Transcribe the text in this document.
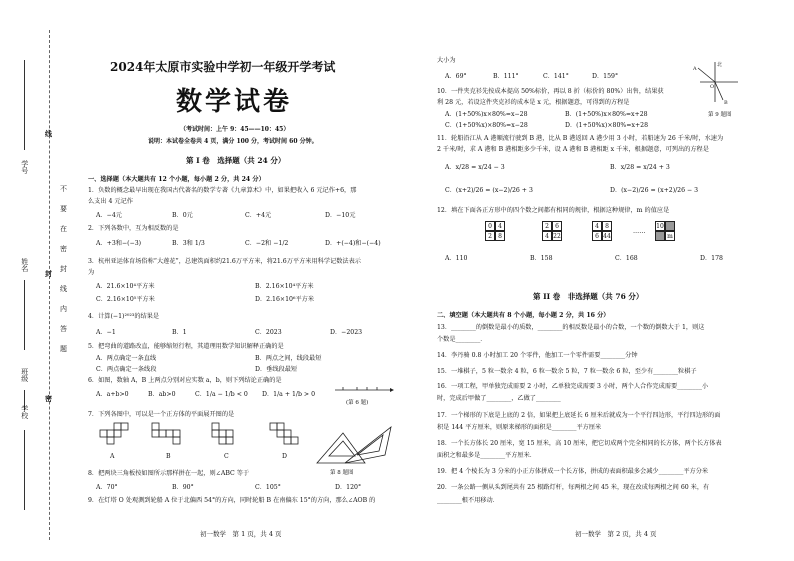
学号
姓名
班级
学校
线
封
密
不
要
在
密
封
线
内
答
题
2024年太原市实验中学初一年级开学考试
数学试卷
（考试时间：上午 9：45——10：45）
说明：本试卷全卷共 4 页，满分 100 分，考试时间 60 分钟。
第 I 卷　选择题（共 24 分）
一、选择题（本大题共有 12 个小题，每小题 2 分，共 24 分）
1．负数的概念最早出现在我国古代著名的数学专著《九章算术》中，如果把收入 6 元记作+6，那
么支出 4 元记作
A．−4元	B．0元	C．+4元	D．−10元
2．下列各数中，互为相反数的是
A．+3和−(−3)	B．3和 1/3	C．−2和 −1/2	D．+(−4)和−(−4)
3．杭州亚运体育场俗称“大莲花”，总建筑面积约21.6万平方米，将21.6万平方米用科学记数法表示
为
A．21.6×10⁴平方米	B．2.16×10⁴平方米
C．2.16×10⁵平方米	D．2.16×10⁶平方米
4．计算(−1)²⁰²³的结果是
A．−1	B．1	C．2023	D．−2023
5．把弯曲的道路改直，能够缩短行程，其道理用数学知识解释正确的是
A．两点确定一条直线	B．两点之间，线段最短
C．两点确定一条线段	D．垂线段最短
6．如图，数轴 A，B 上两点分别对应实数 a，b，则下列结论正确的是
A．a+b>0	B．ab>0	C．1/a − 1/b < 0 D．1/a + 1/b > 0
(第 6 题)
7．下列各图中，可以是一个正方体的平面展开图的是
A	B	C	D
第 8 题图
8．把两块三角板按如图所示那样拼在一起，则∠ABC 等于
A．70°	B．90°	C．105°	D．120°
9．在灯塔 O 处观测到轮船 A 位于北偏西 54°的方向，同时轮船 B 在南偏东 15°的方向，那么∠AOB 的
初一数学　第 1 页，共 4 页
大小为
A．69°	B．111°	C．141°	D．159°
北
A
O
B
第 9 题图
10．一件夹克衫先按成本提高 50%标价，再以 8 折（标价的 80%）出售，结果获
利 28 元，若设这件夹克衫的成本是 x 元，根据题意，可得到的方程是
A．(1+50%)x×80%=x−28	B．(1+50%)x×80%=x+28
C．(1+50%x)×80%=x−28	D．(1+50%x)×80%=x+28
11．轮船沿江从 A 港顺流行驶到 B 港，比从 B 港返回 A 港少用 3 小时，若船速为 26 千米/时，水速为
2 千米/时，求 A 港和 B 港相距多少千米，设 A 港和 B 港相距 x 千米，根据题意，可列出的方程是
A．x/28 = x/24 − 3	B．x/28 = x/24 + 3
C．(x+2)/26 = (x−2)/26 + 3	D．(x−2)/26 = (x+2)/26 − 3
12．填在下面各正方形中的四个数之间都有相同的规律，根据这种规律，m 的值应是
0	4
2	8
2	6
4 22
4	8
6 44
……
10
m
A．110	B．158	C．168	D．178
第 II 卷　非选择题（共 76 分）
二、填空题（本大题共有 8 个小题，每小题 2 分，共 16 分）
13．________的倒数是最小的质数，________的相反数是最小的合数，一个数的倒数大于 1，则这
个数是________．
14．李丹骑 0.8 小时加工 20 个零件，他加工一个零件需要________分钟
15．一堆棋子，5 粒一数余 4 粒，6 粒一数余 5 粒，7 粒一数余 6 粒，至少有________粒棋子
16．一项工程，甲单独完成需要 2 小时，乙单独完成需要 3 小时，两个人合作完成需要________小
时，完成后甲做了________，乙做了________
17．一个梯形的下底是上底的 2 倍，如果把上底延长 6 厘米后就成为一个平行四边形，平行四边形的面
积是 144 平方厘米，则原来梯形的面积是________平方厘米
18．一个长方体长 20 厘米，宽 15 厘米，高 10 厘米，把它切成两个完全相同的长方体，两个长方体表
面积之和最多是________平方厘米．
19．把 4 个棱长为 3 分米的小正方体拼成一个长方体，拼成的表面积最多会减少________平方分米
20．一条公路一侧从头到尾共有 25 根路灯杆，每两根之间 45 米，现在改成每两根之间 60 米，有
________根不用移动．
初一数学　第 2 页，共 4 页
